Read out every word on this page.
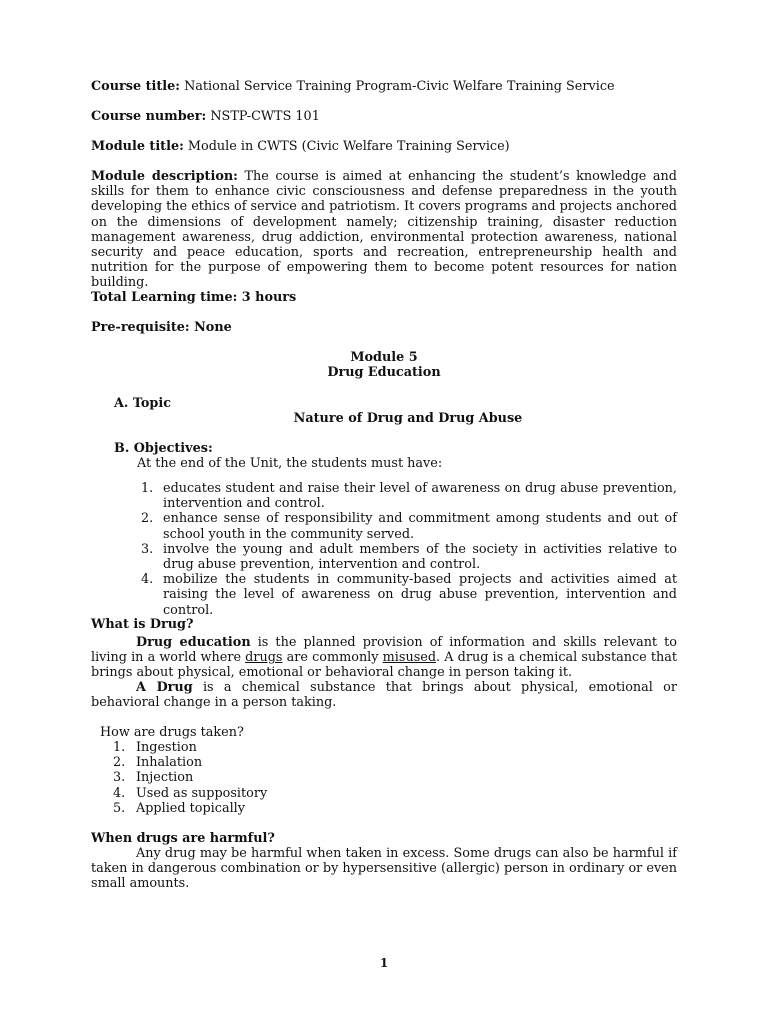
Course title: National Service Training Program-Civic Welfare Training Service
Course number: NSTP-CWTS 101
Module title: Module in CWTS (Civic Welfare Training Service)
Module description: The course is aimed at enhancing the student’s knowledge and skills for them to enhance civic consciousness and defense preparedness in the youth developing the ethics of service and patriotism. It covers programs and projects anchored on the dimensions of development namely; citizenship training, disaster reduction management awareness, drug addiction, environmental protection awareness, national security and peace education, sports and recreation, entrepreneurship health and nutrition for the purpose of empowering them to become potent resources for nation building.
Total Learning time: 3 hours
Pre-requisite: None
Module 5
Drug Education
A. Topic
Nature of Drug and Drug Abuse
B. Objectives:
At the end of the Unit, the students must have:
1. educates student and raise their level of awareness on drug abuse prevention, intervention and control.
2. enhance sense of responsibility and commitment among students and out of school youth in the community served.
3. involve the young and adult members of the society in activities relative to drug abuse prevention, intervention and control.
4. mobilize the students in community-based projects and activities aimed at raising the level of awareness on drug abuse prevention, intervention and control.
What is Drug?
Drug education is the planned provision of information and skills relevant to living in a world where drugs are commonly misused. A drug is a chemical substance that brings about physical, emotional or behavioral change in person taking it.
A Drug is a chemical substance that brings about physical, emotional or behavioral change in a person taking.
How are drugs taken?
1. Ingestion
2. Inhalation
3. Injection
4. Used as suppository
5. Applied topically
When drugs are harmful?
Any drug may be harmful when taken in excess. Some drugs can also be harmful if taken in dangerous combination or by hypersensitive (allergic) person in ordinary or even small amounts.
1
